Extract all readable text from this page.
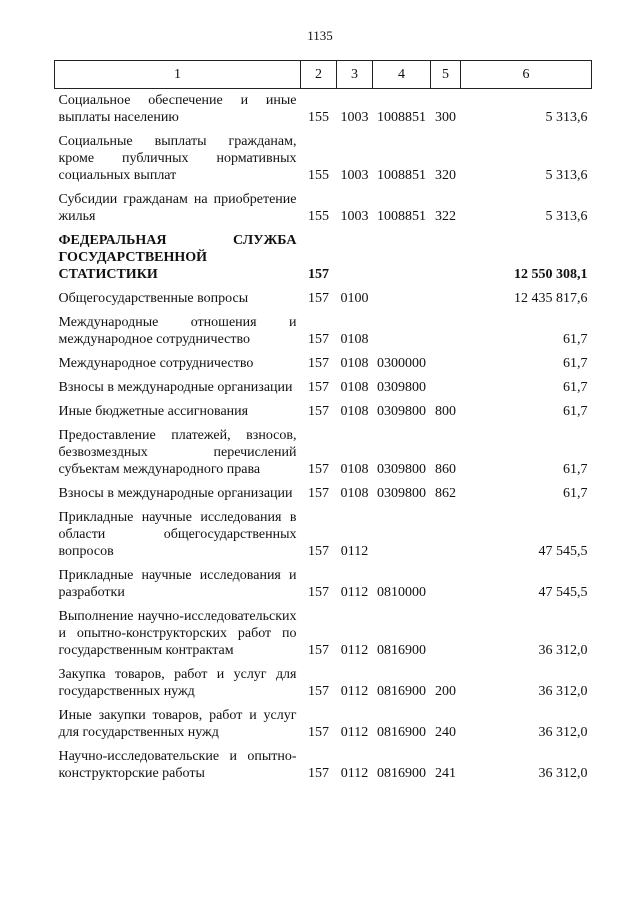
1135
1	2	3	4	5	6
Социальное обеспечение и иные выплаты населению	155	1003	1008851	300	5 313,6
Социальные выплаты гражданам, кроме публичных нормативных социальных выплат	155	1003	1008851	320	5 313,6
Субсидии гражданам на приобретение жилья	155	1003	1008851	322	5 313,6
ФЕДЕРАЛЬНАЯ СЛУЖБА ГОСУДАРСТВЕННОЙ СТАТИСТИКИ	157				12 550 308,1
Общегосударственные вопросы	157	0100			12 435 817,6
Международные отношения и международное сотрудничество	157	0108			61,7
Международное сотрудничество	157	0108	0300000		61,7
Взносы в международные организации	157	0108	0309800		61,7
Иные бюджетные ассигнования	157	0108	0309800	800	61,7
Предоставление платежей, взносов, безвозмездных перечислений субъектам международного права	157	0108	0309800	860	61,7
Взносы в международные организации	157	0108	0309800	862	61,7
Прикладные научные исследования в области общегосударственных вопросов	157	0112			47 545,5
Прикладные научные исследования и разработки	157	0112	0810000		47 545,5
Выполнение научно-исследовательских и опытно-конструкторских работ по государственным контрактам	157	0112	0816900		36 312,0
Закупка товаров, работ и услуг для государственных нужд	157	0112	0816900	200	36 312,0
Иные закупки товаров, работ и услуг для государственных нужд	157	0112	0816900	240	36 312,0
Научно-исследовательские и опытно-конструкторские работы	157	0112	0816900	241	36 312,0
